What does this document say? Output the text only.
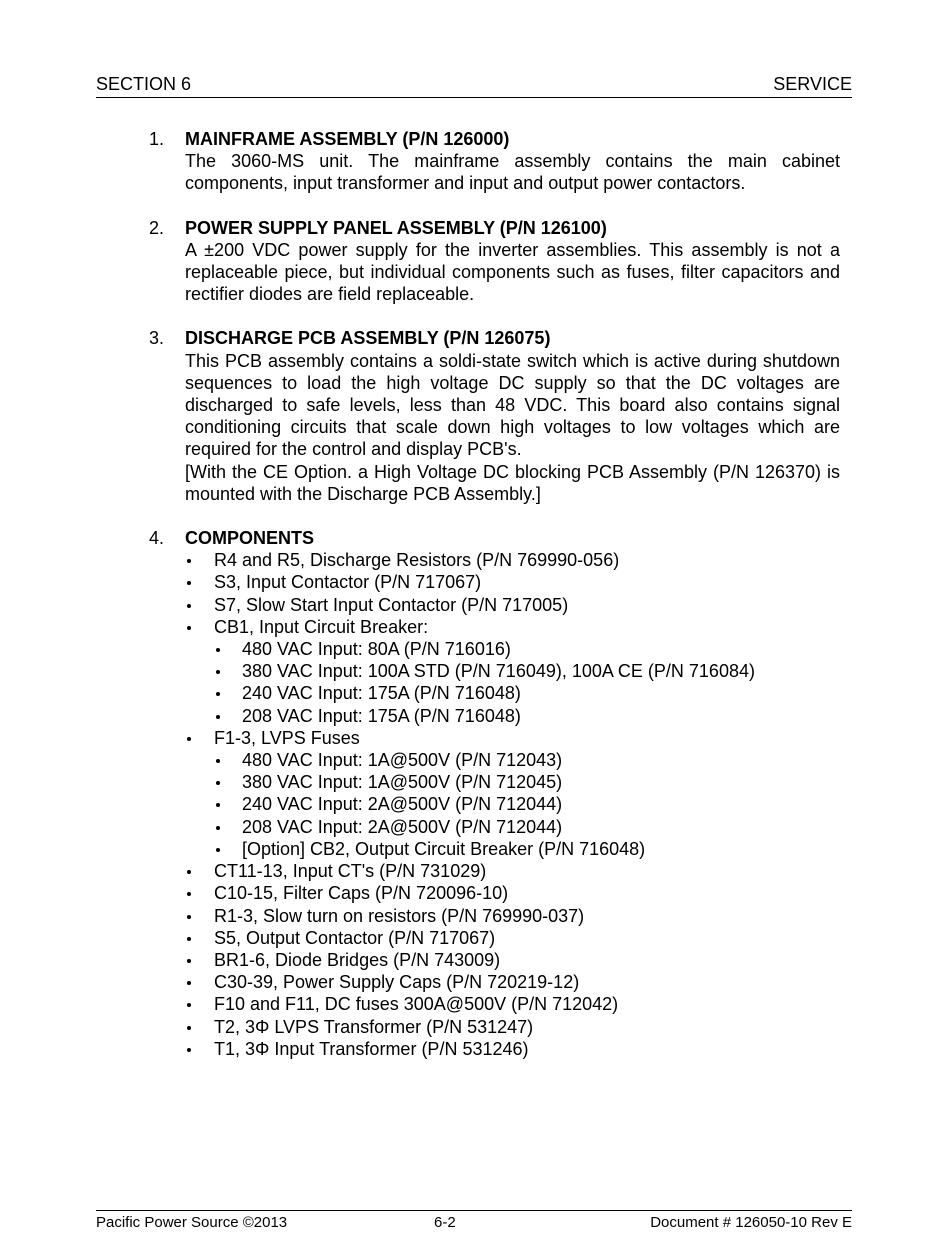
SECTION 6	SERVICE
1. MAINFRAME ASSEMBLY (P/N 126000)
The 3060-MS unit. The mainframe assembly contains the main cabinet components, input transformer and input and output power contactors.
2. POWER SUPPLY PANEL ASSEMBLY (P/N 126100)
A ±200 VDC power supply for the inverter assemblies. This assembly is not a replaceable piece, but individual components such as fuses, filter capacitors and rectifier diodes are field replaceable.
3. DISCHARGE PCB ASSEMBLY (P/N 126075)
This PCB assembly contains a soldi-state switch which is active during shutdown sequences to load the high voltage DC supply so that the DC voltages are discharged to safe levels, less than 48 VDC. This board also contains signal conditioning circuits that scale down high voltages to low voltages which are required for the control and display PCB's.
[With the CE Option. a High Voltage DC blocking PCB Assembly (P/N 126370) is mounted with the Discharge PCB Assembly.]
4. COMPONENTS
R4 and R5, Discharge Resistors (P/N 769990-056)
S3, Input Contactor (P/N 717067)
S7, Slow Start Input Contactor (P/N 717005)
CB1, Input Circuit Breaker:
480 VAC Input: 80A (P/N 716016)
380 VAC Input: 100A STD (P/N 716049), 100A CE (P/N 716084)
240 VAC Input: 175A (P/N 716048)
208 VAC Input: 175A (P/N 716048)
F1-3, LVPS Fuses
480 VAC Input: 1A@500V (P/N 712043)
380 VAC Input: 1A@500V (P/N 712045)
240 VAC Input: 2A@500V (P/N 712044)
208 VAC Input: 2A@500V (P/N 712044)
[Option] CB2, Output Circuit Breaker (P/N 716048)
CT11-13, Input CT's (P/N 731029)
C10-15, Filter Caps (P/N 720096-10)
R1-3, Slow turn on resistors (P/N 769990-037)
S5, Output Contactor (P/N 717067)
BR1-6, Diode Bridges (P/N 743009)
C30-39, Power Supply Caps (P/N 720219-12)
F10 and F11, DC fuses 300A@500V (P/N 712042)
T2, 3Φ LVPS Transformer (P/N 531247)
T1, 3Φ Input Transformer (P/N 531246)
Pacific Power Source ©2013	6-2	Document # 126050-10 Rev E
